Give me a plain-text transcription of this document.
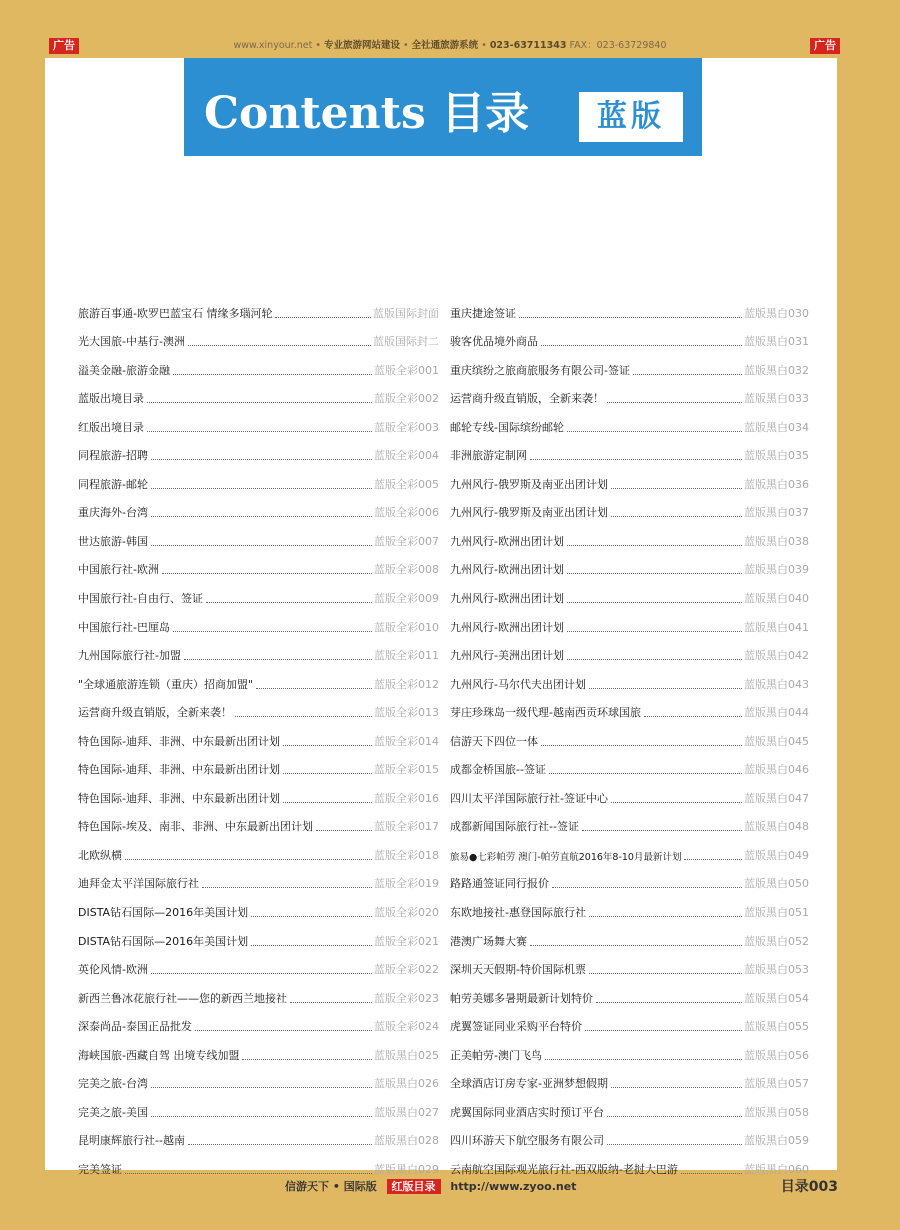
广告	广告
www.xinyour.net • 专业旅游网站建设 • 全社通旅游系统 • 023-63711343 FAX：023-63729840
Contents 目录	蓝版
旅游百事通-欧罗巴蓝宝石 情缘多瑙河轮	蓝版国际封面
光大国旅-中基行-澳洲	蓝版国际封二
溢美金融-旅游金融	蓝版全彩001
蓝版出境目录	蓝版全彩002
红版出境目录	蓝版全彩003
同程旅游-招聘	蓝版全彩004
同程旅游-邮轮	蓝版全彩005
重庆海外-台湾	蓝版全彩006
世达旅游-韩国	蓝版全彩007
中国旅行社-欧洲	蓝版全彩008
中国旅行社-自由行、签证	蓝版全彩009
中国旅行社-巴厘岛	蓝版全彩010
九州国际旅行社-加盟	蓝版全彩011
"全球通旅游连锁（重庆）招商加盟"	蓝版全彩012
运营商升级直销版，全新来袭！	蓝版全彩013
特色国际-迪拜、非洲、中东最新出团计划	蓝版全彩014
特色国际-迪拜、非洲、中东最新出团计划	蓝版全彩015
特色国际-迪拜、非洲、中东最新出团计划	蓝版全彩016
特色国际-埃及、南非、非洲、中东最新出团计划	蓝版全彩017
北欧纵横	蓝版全彩018
迪拜金太平洋国际旅行社	蓝版全彩019
DISTA钻石国际—2016年美国计划	蓝版全彩020
DISTA钻石国际—2016年美国计划	蓝版全彩021
英伦风情-欧洲	蓝版全彩022
新西兰鲁冰花旅行社——您的新西兰地接社	蓝版全彩023
深泰尚品-泰国正品批发	蓝版全彩024
海峡国旅-西藏自驾 出境专线加盟	蓝版黑白025
完美之旅-台湾	蓝版黑白026
完美之旅-美国	蓝版黑白027
昆明康辉旅行社--越南	蓝版黑白028
完美签证	蓝版黑白029
重庆捷途签证	蓝版黑白030
骏客优品境外商品	蓝版黑白031
重庆缤纷之旅商旅服务有限公司-签证	蓝版黑白032
运营商升级直销版，全新来袭！	蓝版黑白033
邮轮专线-国际缤纷邮轮	蓝版黑白034
非洲旅游定制网	蓝版黑白035
九州风行-俄罗斯及南亚出团计划	蓝版黑白036
九州风行-俄罗斯及南亚出团计划	蓝版黑白037
九州风行-欧洲出团计划	蓝版黑白038
九州风行-欧洲出团计划	蓝版黑白039
九州风行-欧洲出团计划	蓝版黑白040
九州风行-欧洲出团计划	蓝版黑白041
九州风行-美洲出团计划	蓝版黑白042
九州风行-马尔代夫出团计划	蓝版黑白043
芽庄珍珠岛一级代理-越南西贡环球国旅	蓝版黑白044
信游天下四位一体	蓝版黑白045
成都金桥国旅--签证	蓝版黑白046
四川太平洋国际旅行社-签证中心	蓝版黑白047
成都新闻国际旅行社--签证	蓝版黑白048
旅易●七彩帕劳 澳门-帕劳直航2016年8-10月最新计划	蓝版黑白049
路路通签证同行报价	蓝版黑白050
东欧地接社-惠登国际旅行社	蓝版黑白051
港澳广场舞大赛	蓝版黑白052
深圳天天假期-特价国际机票	蓝版黑白053
帕劳美娜多暑期最新计划特价	蓝版黑白054
虎翼签证同业采购平台特价	蓝版黑白055
正美帕劳-澳门飞鸟	蓝版黑白056
全球酒店订房专家-亚洲梦想假期	蓝版黑白057
虎翼国际同业酒店实时预订平台	蓝版黑白058
四川环游天下航空服务有限公司	蓝版黑白059
云南航空国际观光旅行社-西双版纳-老挝大巴游	蓝版黑白060
信游天下 • 国际版 红版目录 http://www.zyoo.net	目录003
